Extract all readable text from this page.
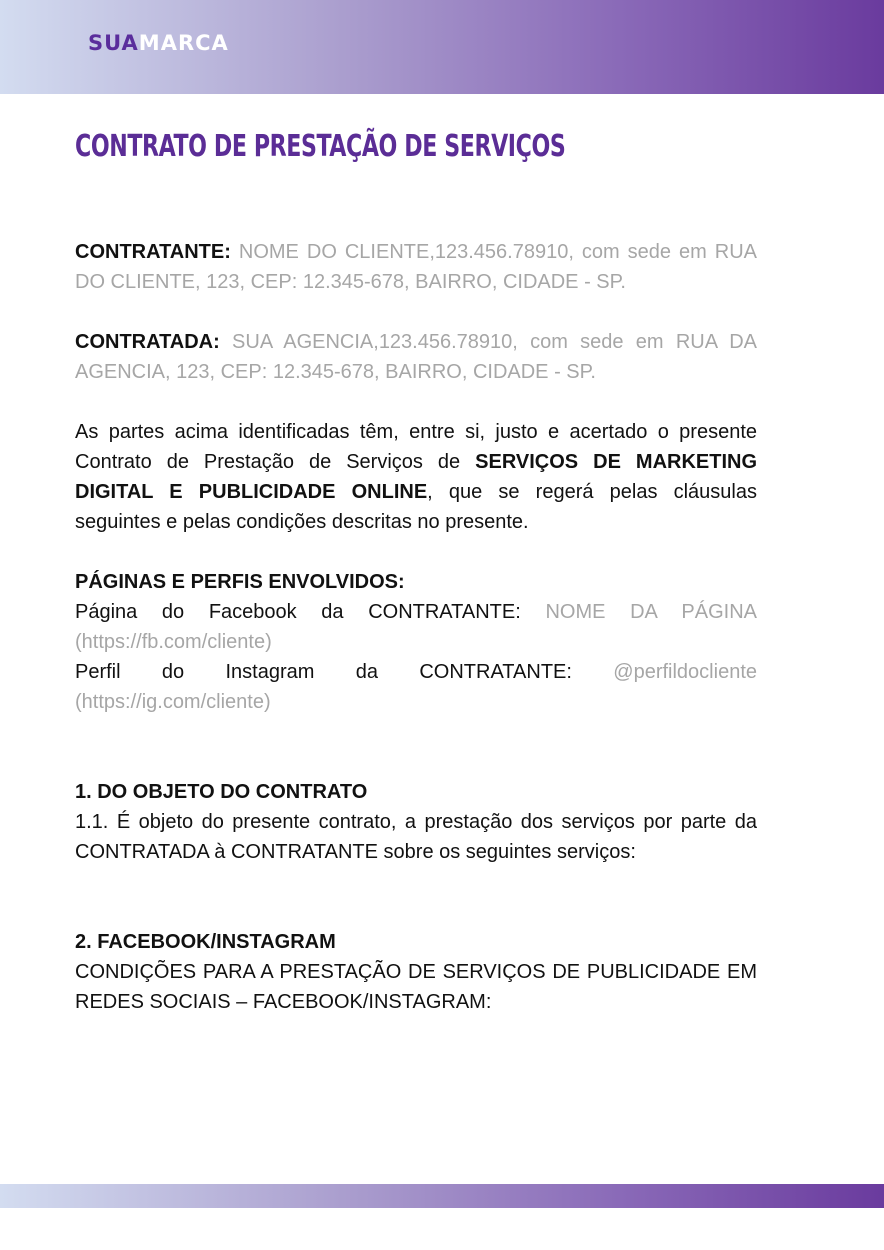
SUAMARCA
CONTRATO DE PRESTAÇÃO DE SERVIÇOS

CONTRATANTE: NOME DO CLIENTE,123.456.78910, com sede em RUA DO CLIENTE, 123, CEP: 12.345-678, BAIRRO, CIDADE - SP.

CONTRATADA: SUA AGENCIA,123.456.78910, com sede em RUA DA AGENCIA, 123, CEP: 12.345-678, BAIRRO, CIDADE - SP.

As partes acima identificadas têm, entre si, justo e acertado o presente Contrato de Prestação de Serviços de SERVIÇOS DE MARKETING DIGITAL E PUBLICIDADE ONLINE, que se regerá pelas cláusulas seguintes e pelas condições descritas no presente.

PÁGINAS E PERFIS ENVOLVIDOS:

Página do Facebook da CONTRATANTE: NOME DA PÁGINA (https://fb.com/cliente)

Perfil do Instagram da CONTRATANTE: @perfildocliente (https://ig.com/cliente)

1. DO OBJETO DO CONTRATO

1.1. É objeto do presente contrato, a prestação dos serviços por parte da CONTRATADA à CONTRATANTE sobre os seguintes serviços:

2. FACEBOOK/INSTAGRAM

CONDIÇÕES PARA A PRESTAÇÃO DE SERVIÇOS DE PUBLICIDADE EM REDES SOCIAIS – FACEBOOK/INSTAGRAM:
